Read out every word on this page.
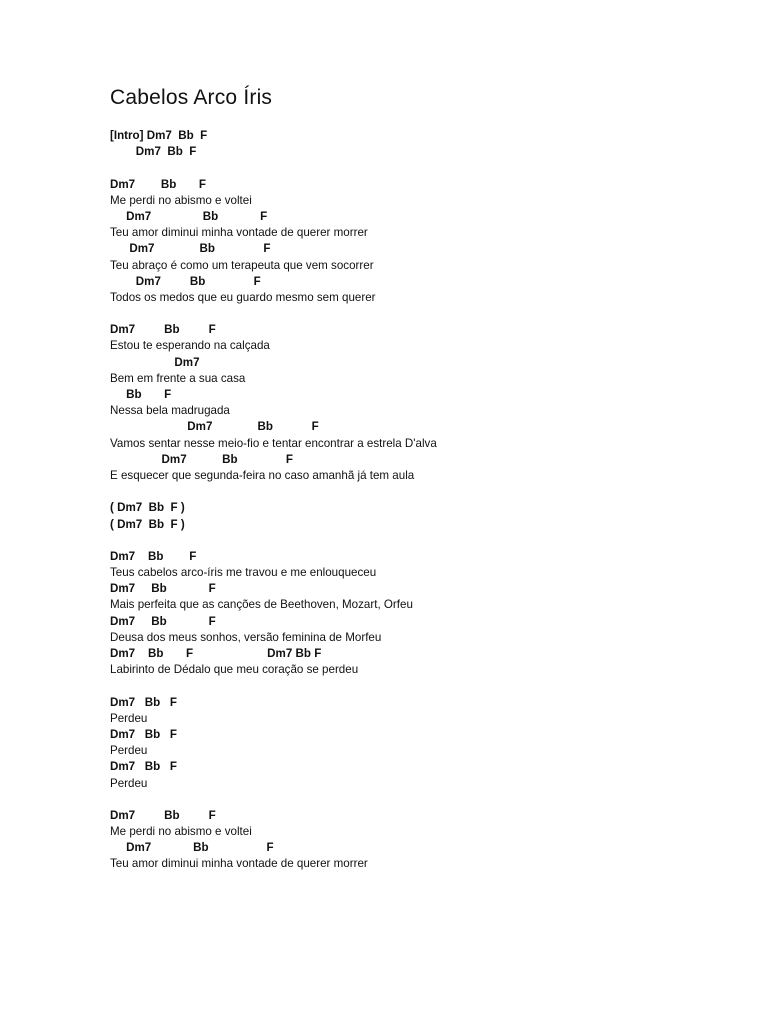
Cabelos Arco Íris
[Intro] Dm7  Bb  F
Dm7  Bb  F
Dm7        Bb       F
Me perdi no abismo e voltei
Dm7                Bb             F
Teu amor diminui minha vontade de querer morrer
Dm7              Bb               F
Teu abraço é como um terapeuta que vem socorrer
Dm7         Bb               F
Todos os medos que eu guardo mesmo sem querer
Dm7         Bb         F
Estou te esperando na calçada
Dm7
Bem em frente a sua casa
Bb       F
Nessa bela madrugada
Dm7              Bb            F
Vamos sentar nesse meio-fio e tentar encontrar a estrela D'alva
Dm7           Bb               F
E esquecer que segunda-feira no caso amanhã já tem aula
( Dm7  Bb  F )
( Dm7  Bb  F )
Dm7    Bb        F
Teus cabelos arco-íris me travou e me enlouqueceu
Dm7     Bb             F
Mais perfeita que as canções de Beethoven, Mozart, Orfeu
Dm7     Bb             F
Deusa dos meus sonhos, versão feminina de Morfeu
Dm7    Bb       F                       Dm7 Bb F
Labirinto de Dédalo que meu coração se perdeu
Dm7   Bb   F
Perdeu
Dm7   Bb   F
Perdeu
Dm7   Bb   F
Perdeu
Dm7         Bb         F
Me perdi no abismo e voltei
Dm7             Bb                  F
Teu amor diminui minha vontade de querer morrer
